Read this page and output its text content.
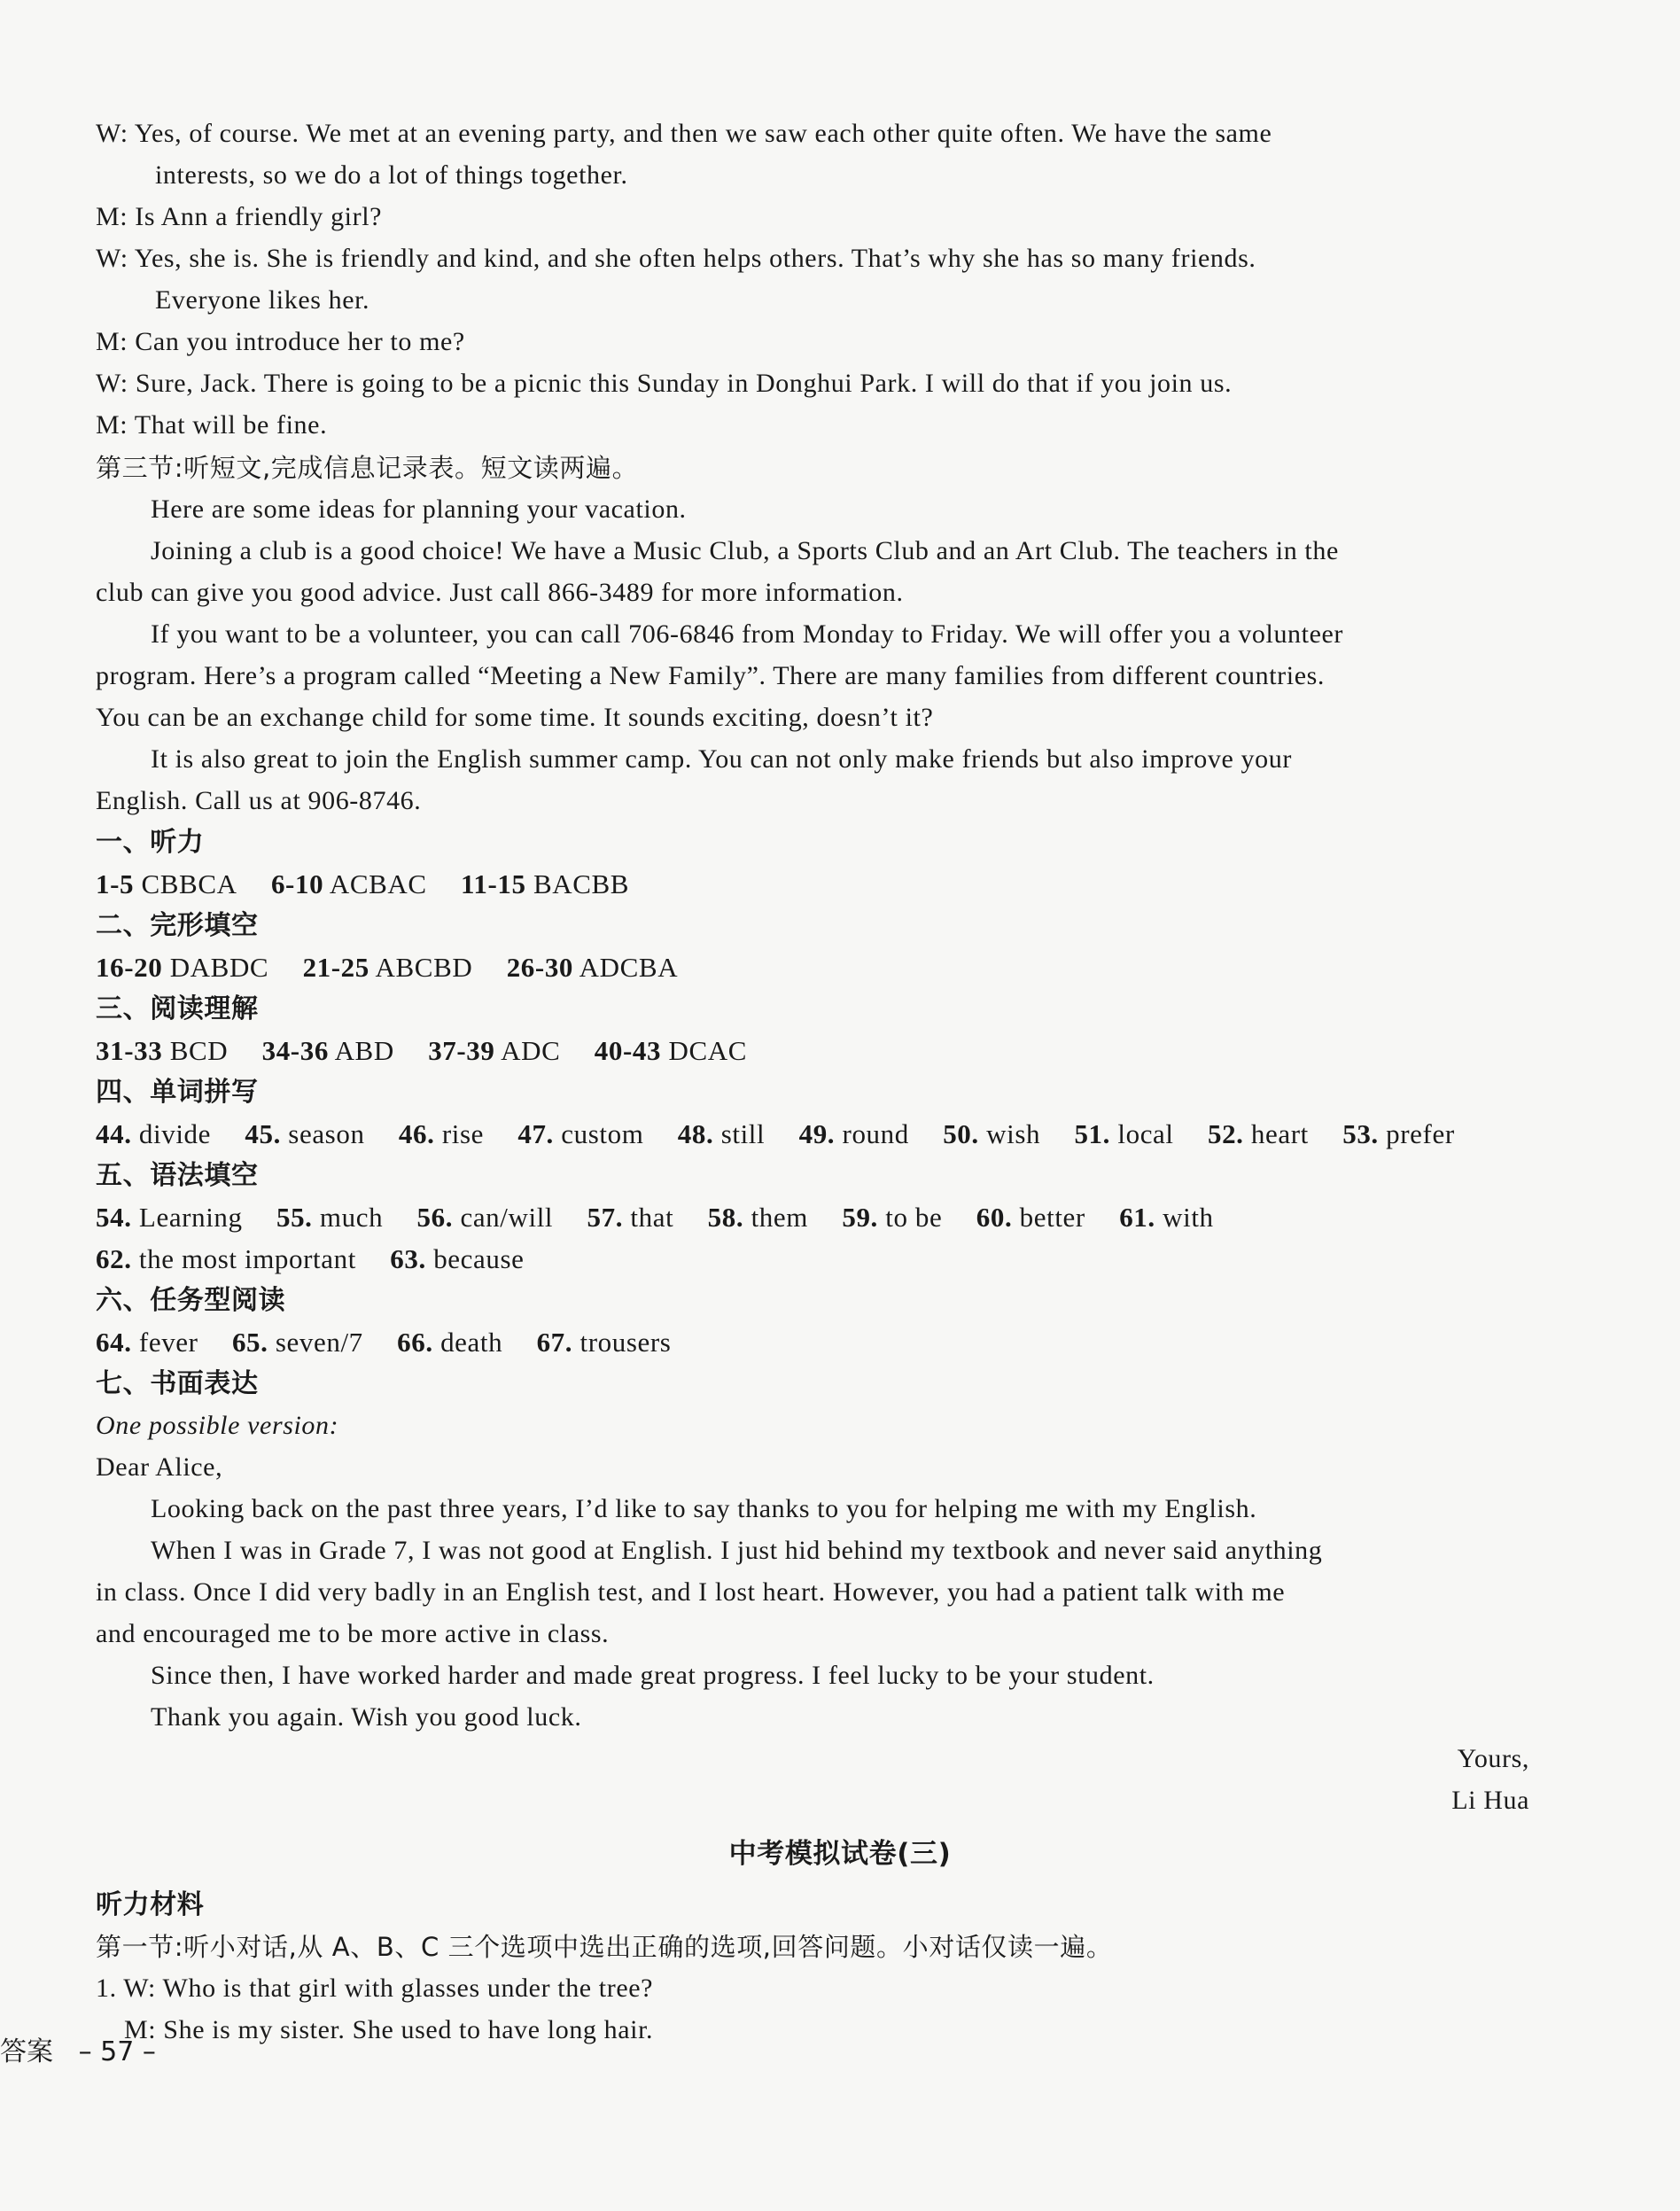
W: Yes, of course. We met at an evening party, and then we saw each other quite often. We have the same
interests, so we do a lot of things together.
M: Is Ann a friendly girl?
W: Yes, she is. She is friendly and kind, and she often helps others. That’s why she has so many friends.
Everyone likes her.
M: Can you introduce her to me?
W: Sure, Jack. There is going to be a picnic this Sunday in Donghui Park. I will do that if you join us.
M: That will be fine.
第三节:听短文,完成信息记录表。短文读两遍。
Here are some ideas for planning your vacation.
Joining a club is a good choice! We have a Music Club, a Sports Club and an Art Club. The teachers in the
club can give you good advice. Just call 866-3489 for more information.
If you want to be a volunteer, you can call 706-6846 from Monday to Friday. We will offer you a volunteer
program. Here’s a program called “Meeting a New Family”. There are many families from different countries.
You can be an exchange child for some time. It sounds exciting, doesn’t it?
It is also great to join the English summer camp. You can not only make friends but also improve your
English. Call us at 906-8746.
一、听力
1-5 CBBCA 6-10 ACBAC 11-15 BACBB
二、完形填空
16-20 DABDC 21-25 ABCBD 26-30 ADCBA
三、阅读理解
31-33 BCD 34-36 ABD 37-39 ADC 40-43 DCAC
四、单词拼写
44. divide 45. season 46. rise 47. custom 48. still 49. round 50. wish 51. local 52. heart 53. prefer
五、语法填空
54. Learning 55. much 56. can/will 57. that 58. them 59. to be 60. better 61. with
62. the most important 63. because
六、任务型阅读
64. fever 65. seven/7 66. death 67. trousers
七、书面表达
One possible version:
Dear Alice,
Looking back on the past three years, I’d like to say thanks to you for helping me with my English.
When I was in Grade 7, I was not good at English. I just hid behind my textbook and never said anything
in class. Once I did very badly in an English test, and I lost heart. However, you had a patient talk with me
and encouraged me to be more active in class.
Since then, I have worked harder and made great progress. I feel lucky to be your student.
Thank you again. Wish you good luck.
Yours,
Li Hua
中考模拟试卷(三)
听力材料
第一节:听小对话,从 A、B、C 三个选项中选出正确的选项,回答问题。小对话仅读一遍。
1. W: Who is that girl with glasses under the tree?
M: She is my sister. She used to have long hair.
答案 – 57 –
